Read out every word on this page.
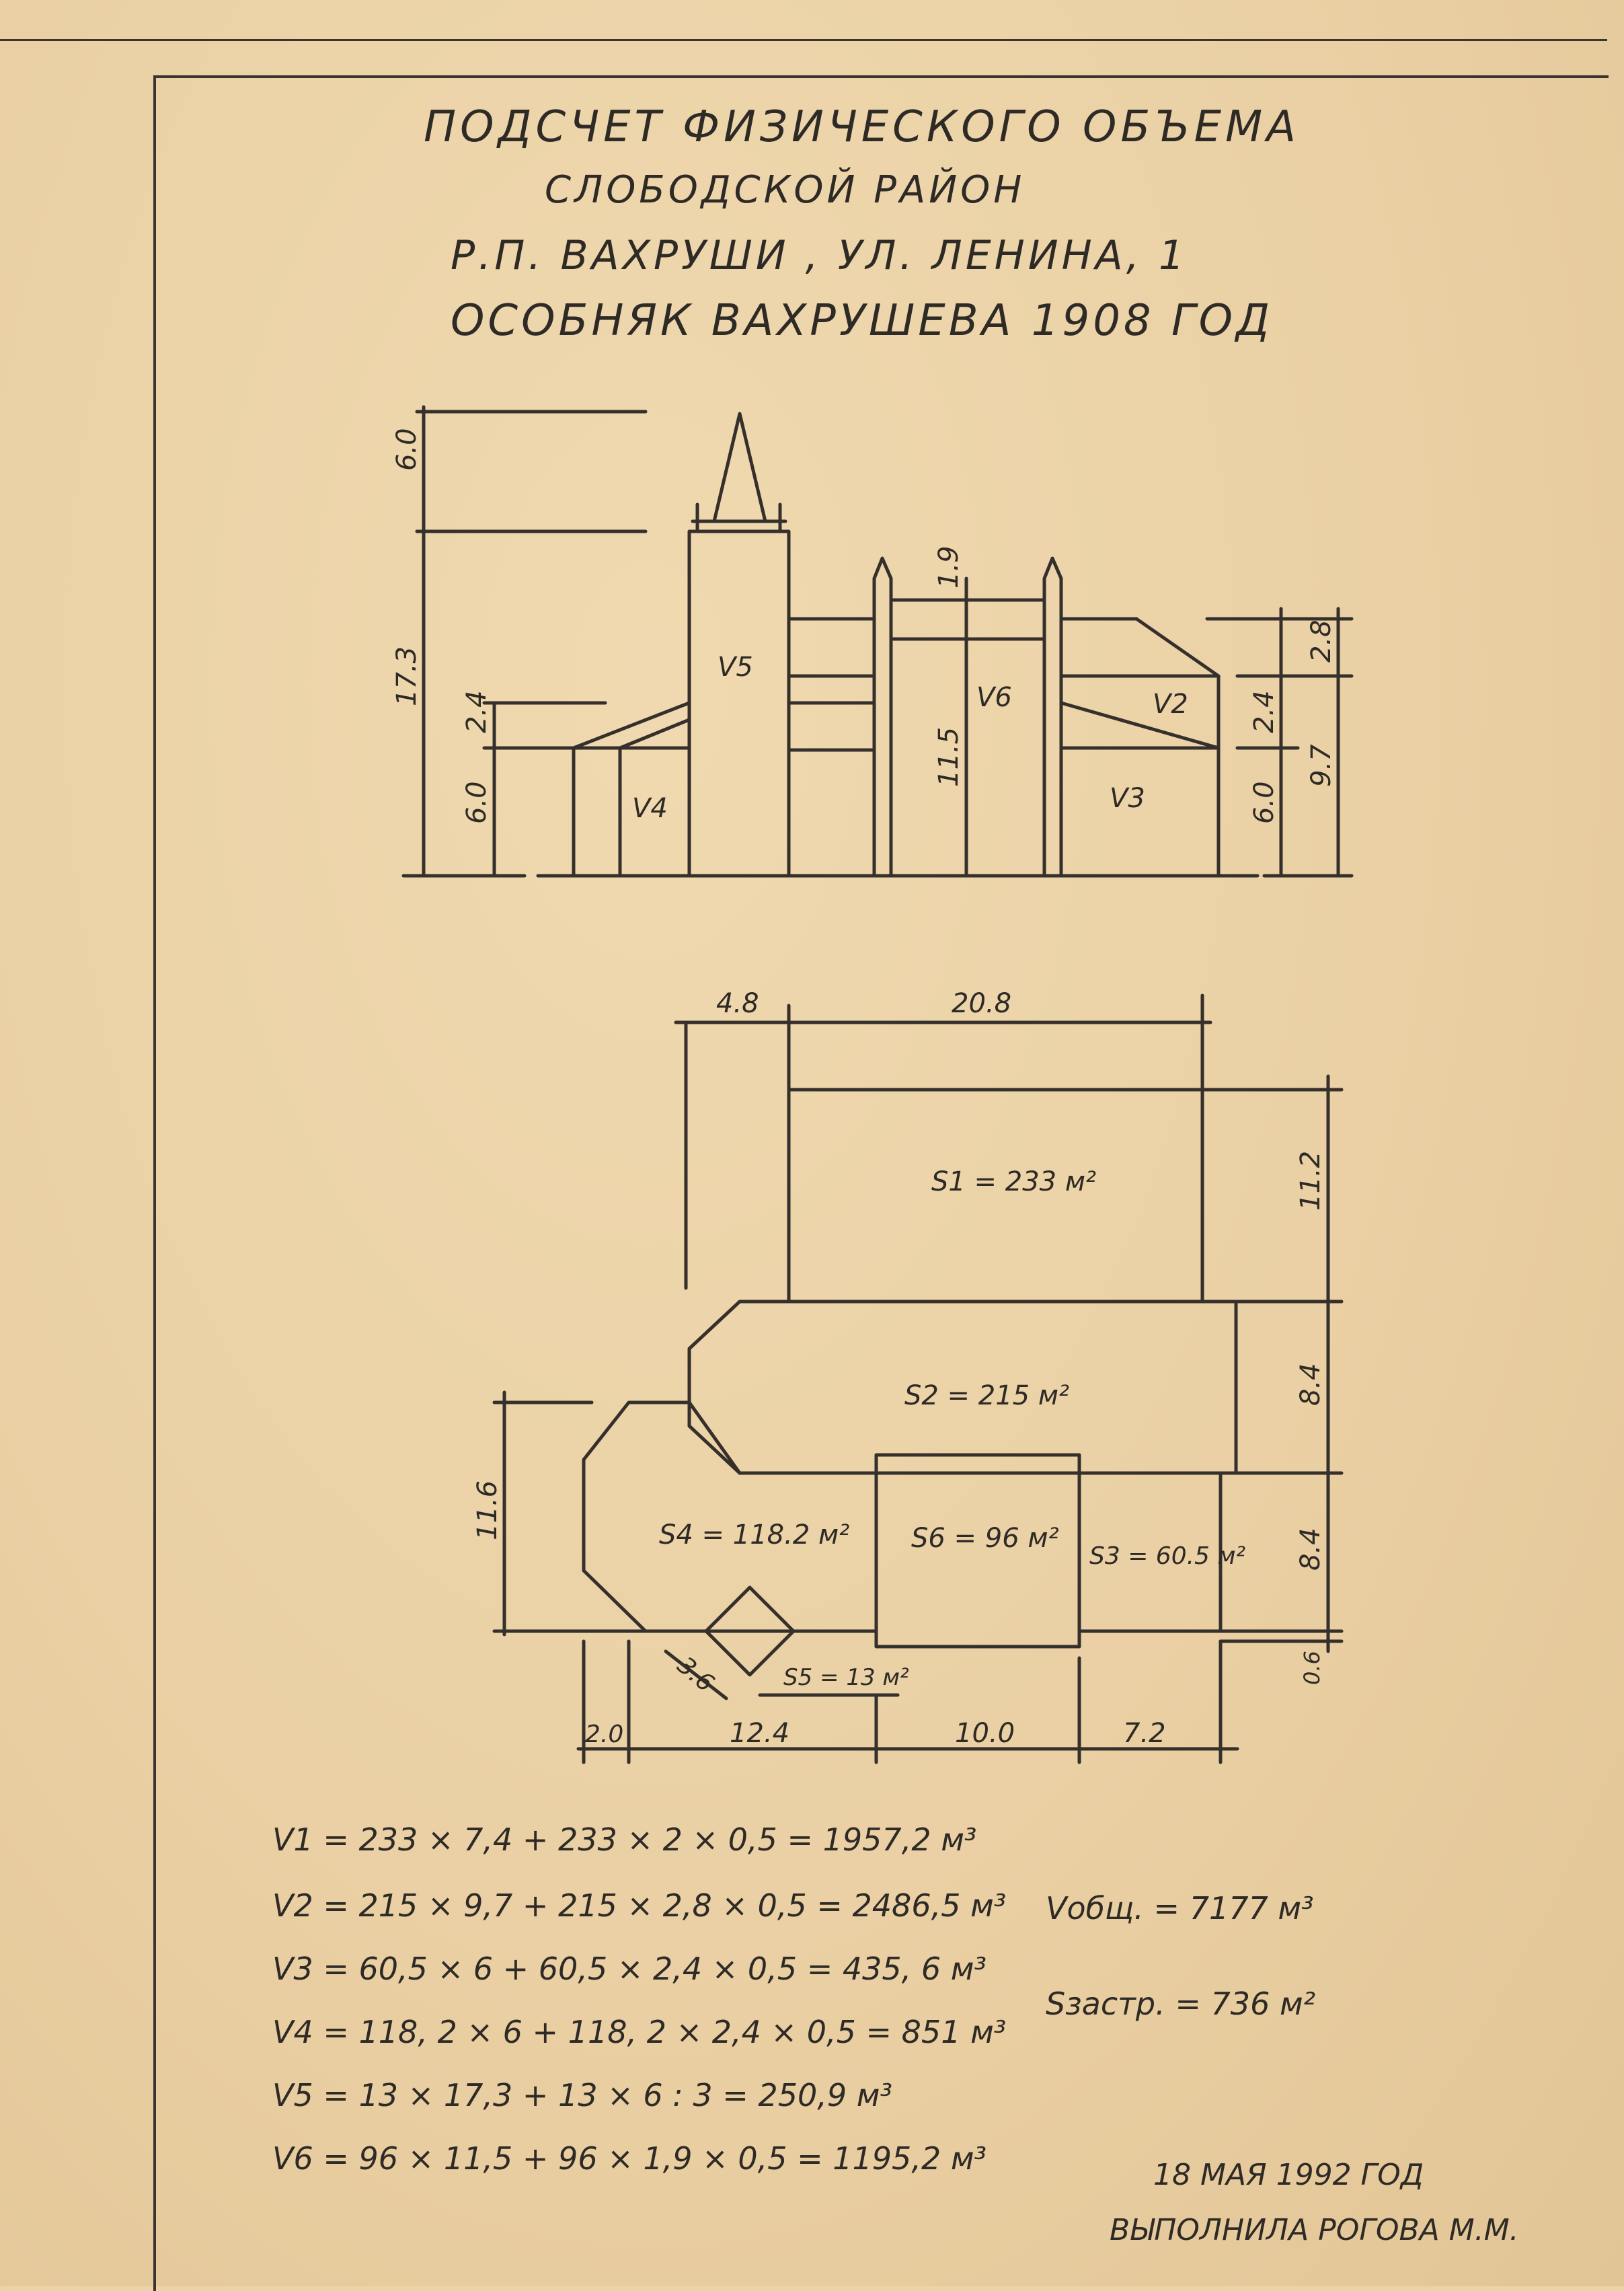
ПОДСЧЕТ ФИЗИЧЕСКОГО ОБЪЕМА
СЛОБОДСКОЙ РАЙОН
Р.П. ВАХРУШИ , УЛ. ЛЕНИНА, 1
ОСОБНЯК ВАХРУШЕВА 1908 ГОД
V5
V6	V2
V4	V3
6.0
17.3
2.4
6.0
1.9
11.5
2.8
2.4
6.0
9.7
S1 = 233 м²
S2 = 215 м²
S4 = 118.2 м² S6 = 96 м²
S3 = 60.5 м²
S5 = 13 м²
4.8	20.8
11.2
8.4
8.4
0.6
11.6
3.6
2.0	12.4	10.0	7.2
V1 = 233 × 7,4 + 233 × 2 × 0,5 = 1957,2 м³
V2 = 215 × 9,7 + 215 × 2,8 × 0,5 = 2486,5 м³
V3 = 60,5 × 6 + 60,5 × 2,4 × 0,5 = 435, 6 м³
V4 = 118, 2 × 6 + 118, 2 × 2,4 × 0,5 = 851 м³
V5 = 13 × 17,3 + 13 × 6 : 3 = 250,9 м³
V6 = 96 × 11,5 + 96 × 1,9 × 0,5 = 1195,2 м³
Vобщ. = 7177 м³
Sзастр. = 736 м²
18 МАЯ 1992 ГОД
ВЫПОЛНИЛА РОГОВА М.М.
